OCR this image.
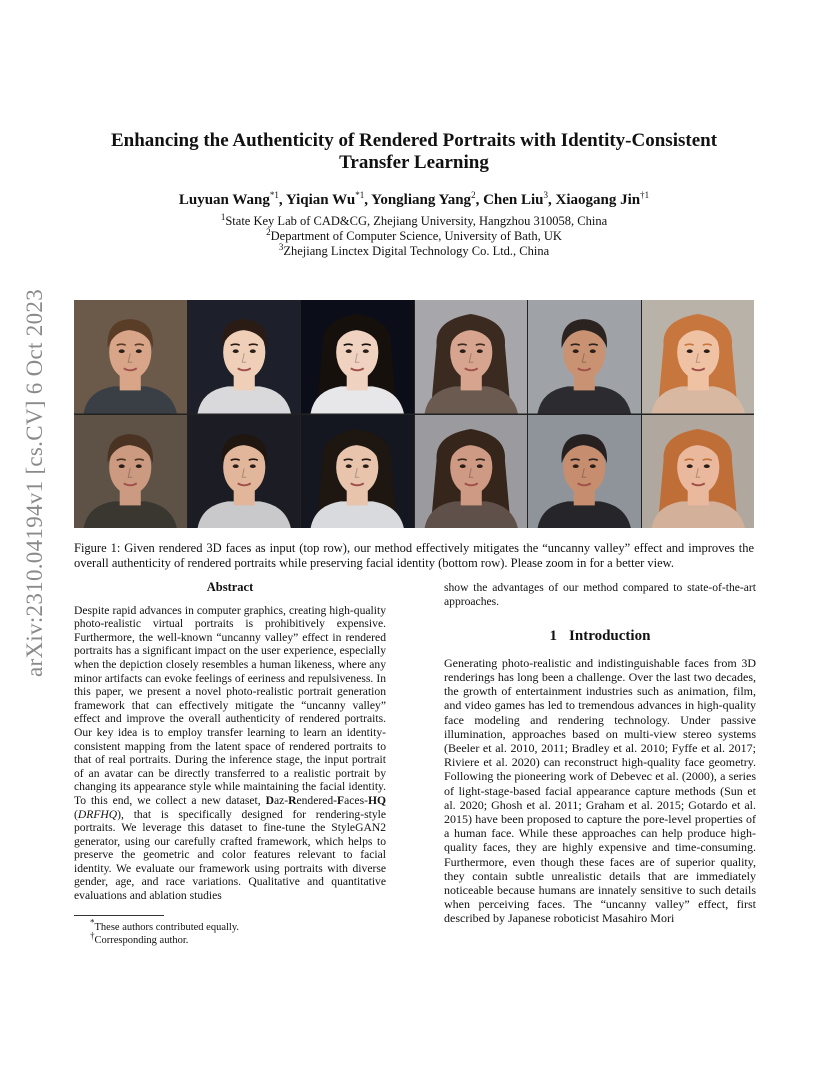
arXiv:2310.04194v1 [cs.CV] 6 Oct 2023
Enhancing the Authenticity of Rendered Portraits with Identity-Consistent
Transfer Learning
Luyuan Wang$^{*1}$, Yiqian Wu$^{*1}$, Yongliang Yang$^2$, Chen Liu$^3$, Xiaogang Jin$^{\dagger 1}$
$^1$State Key Lab of CAD&CG, Zhejiang University, Hangzhou 310058, China
$^2$Department of Computer Science, University of Bath, UK
$^3$Zhejiang Linctex Digital Technology Co. Ltd., China
Figure 1: Given rendered 3D faces as input (top row), our method effectively mitigates the “uncanny valley” effect and improves the overall authenticity of rendered portraits while preserving facial identity (bottom row). Please zoom in for a better view.
Abstract

Despite rapid advances in computer graphics, creating high-quality photo-realistic virtual portraits is prohibitively expensive. Furthermore, the well-known “uncanny valley” effect in rendered portraits has a significant impact on the user experience, especially when the depiction closely resembles a human likeness, where any minor artifacts can evoke feelings of eeriness and repulsiveness. In this paper, we present a novel photo-realistic portrait generation framework that can effectively mitigate the “uncanny valley” effect and improve the overall authenticity of rendered portraits. Our key idea is to employ transfer learning to learn an identity-consistent mapping from the latent space of rendered portraits to that of real portraits. During the inference stage, the input portrait of an avatar can be directly transferred to a realistic portrait by changing its appearance style while maintaining the facial identity. To this end, we collect a new dataset, Daz-Rendered-Faces-HQ (DRFHQ), that is specifically designed for rendering-style portraits. We leverage this dataset to fine-tune the StyleGAN2 generator, using our carefully crafted framework, which helps to preserve the geometric and color features relevant to facial identity. We evaluate our framework using portraits with diverse gender, age, and race variations. Qualitative and quantitative evaluations and ablation studies

*These authors contributed equally.
†Corresponding author.

show the advantages of our method compared to state-of-the-art approaches.

1 Introduction

Generating photo-realistic and indistinguishable faces from 3D renderings has long been a challenge. Over the last two decades, the growth of entertainment industries such as animation, film, and video games has led to tremendous advances in high-quality face modeling and rendering technology. Under passive illumination, approaches based on multi-view stereo systems (Beeler et al. 2010, 2011; Bradley et al. 2010; Fyffe et al. 2017; Riviere et al. 2020) can reconstruct high-quality face geometry. Following the pioneering work of Debevec et al. (2000), a series of light-stage-based facial appearance capture methods (Sun et al. 2020; Ghosh et al. 2011; Graham et al. 2015; Gotardo et al. 2015) have been proposed to capture the pore-level properties of a human face. While these approaches can help produce high-quality faces, they are highly expensive and time-consuming. Furthermore, even though these faces are of superior quality, they contain subtle unrealistic details that are immediately noticeable because humans are innately sensitive to such details when perceiving faces. The “uncanny valley” effect, first described by Japanese roboticist Masahiro Mori
